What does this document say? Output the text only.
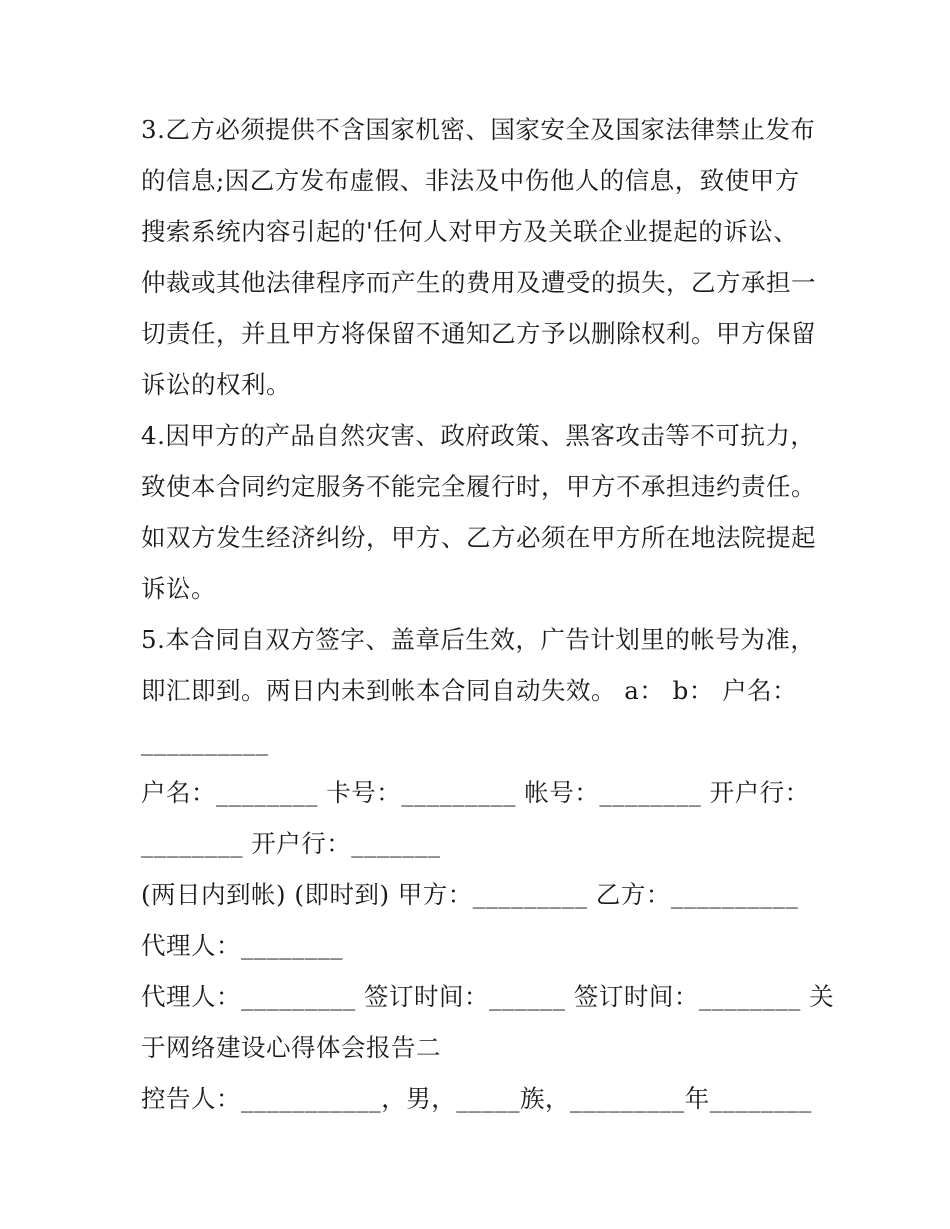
3.乙方必须提供不含国家机密、国家安全及国家法律禁止发布
的信息;因乙方发布虚假、非法及中伤他人的信息，致使甲方
搜索系统内容引起的'任何人对甲方及关联企业提起的诉讼、
仲裁或其他法律程序而产生的费用及遭受的损失，乙方承担一
切责任，并且甲方将保留不通知乙方予以删除权利。甲方保留
诉讼的权利。
4.因甲方的产品自然灾害、政府政策、黑客攻击等不可抗力，
致使本合同约定服务不能完全履行时，甲方不承担违约责任。
如双方发生经济纠纷，甲方、乙方必须在甲方所在地法院提起
诉讼。
5.本合同自双方签字、盖章后生效，广告计划里的帐号为准，
即汇即到。两日内未到帐本合同自动失效。 a： b： 户名：
__________
户名：________ 卡号：_________ 帐号：________ 开户行：
________ 开户行：_______
(两日内到帐) (即时到) 甲方：_________ 乙方：__________
代理人：________
代理人：_________ 签订时间：______ 签订时间：________ 关
于网络建设心得体会报告二
控告人：___________，男，_____族，_________年________
